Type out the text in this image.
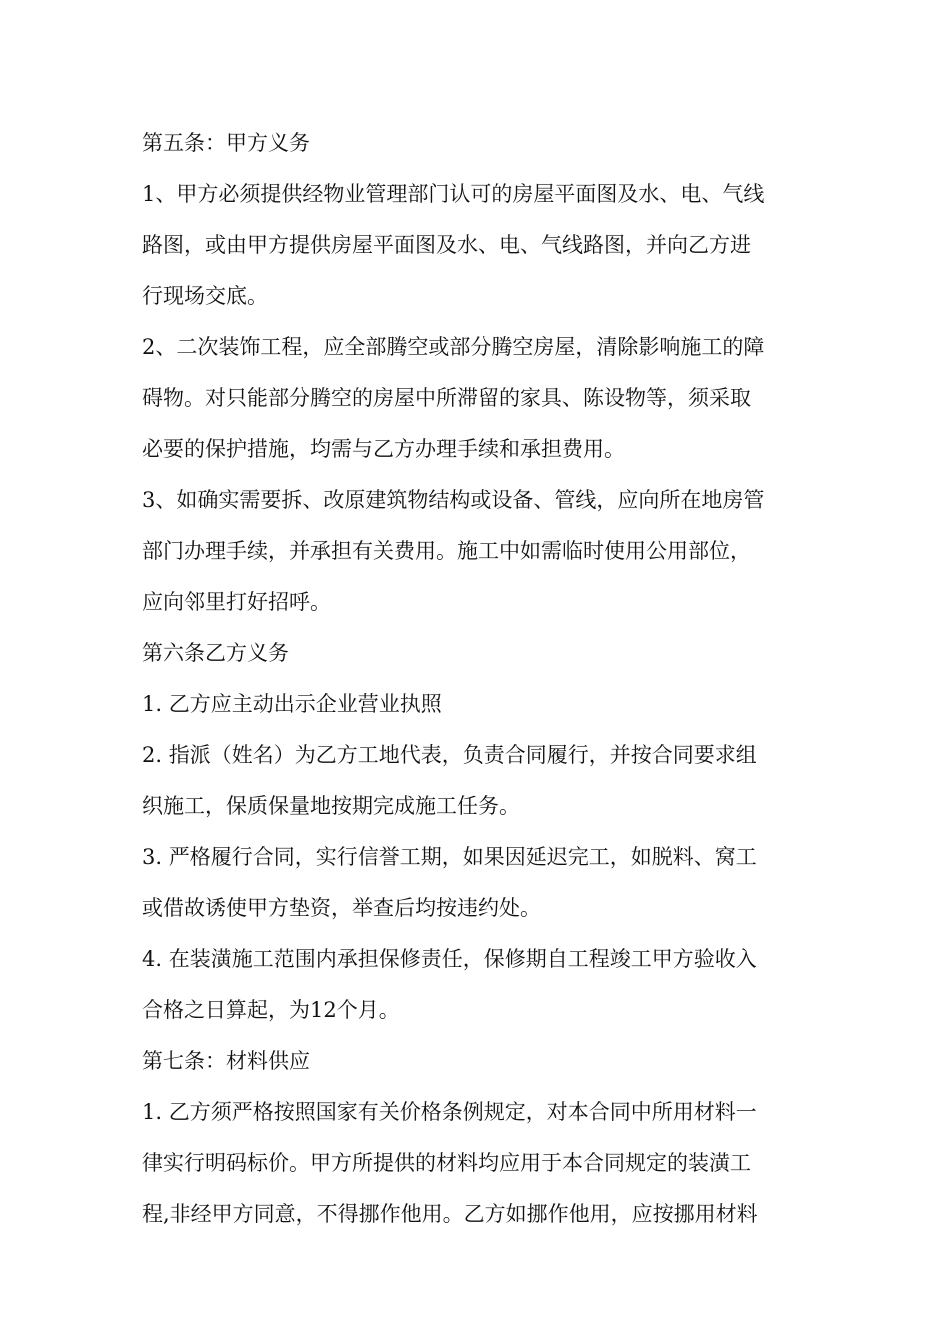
第五条：甲方义务

1、甲方必须提供经物业管理部门认可的房屋平面图及水、电、气线

路图，或由甲方提供房屋平面图及水、电、气线路图，并向乙方进

行现场交底。

2、二次装饰工程，应全部腾空或部分腾空房屋，清除影响施工的障

碍物。对只能部分腾空的房屋中所滞留的家具、陈设物等，须采取

必要的保护措施，均需与乙方办理手续和承担费用。

3、如确实需要拆、改原建筑物结构或设备、管线，应向所在地房管

部门办理手续，并承担有关费用。施工中如需临时使用公用部位，

应向邻里打好招呼。

第六条乙方义务

1. 乙方应主动出示企业营业执照

2. 指派（姓名）为乙方工地代表，负责合同履行，并按合同要求组

织施工，保质保量地按期完成施工任务。

3. 严格履行合同，实行信誉工期，如果因延迟完工，如脱料、窝工

或借故诱使甲方垫资，举查后均按违约处。

4. 在装潢施工范围内承担保修责任，保修期自工程竣工甲方验收入

合格之日算起，为12个月。

第七条：材料供应

1. 乙方须严格按照国家有关价格条例规定，对本合同中所用材料一

律实行明码标价。甲方所提供的材料均应用于本合同规定的装潢工

程,非经甲方同意，不得挪作他用。乙方如挪作他用，应按挪用材料
